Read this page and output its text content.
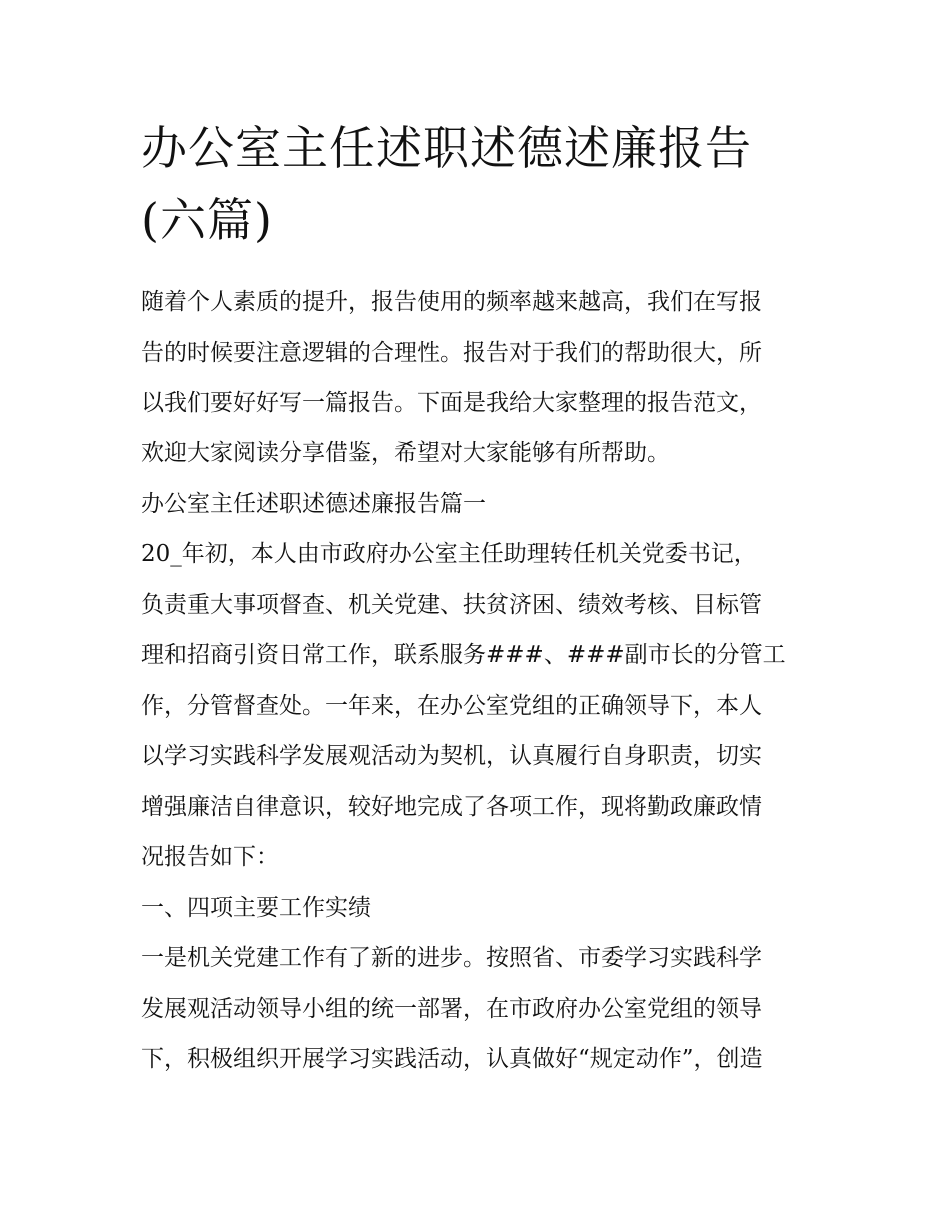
办公室主任述职述德述廉报告
(六篇)

随着个人素质的提升，报告使用的频率越来越高，我们在写报

告的时候要注意逻辑的合理性。报告对于我们的帮助很大，所

以我们要好好写一篇报告。下面是我给大家整理的报告范文，

欢迎大家阅读分享借鉴，希望对大家能够有所帮助。

办公室主任述职述德述廉报告篇一

20_年初，本人由市政府办公室主任助理转任机关党委书记，

负责重大事项督查、机关党建、扶贫济困、绩效考核、目标管

理和招商引资日常工作，联系服务###、###副市长的分管工

作，分管督查处。一年来，在办公室党组的正确领导下，本人

以学习实践科学发展观活动为契机，认真履行自身职责，切实

增强廉洁自律意识，较好地完成了各项工作，现将勤政廉政情

况报告如下：

一、四项主要工作实绩

一是机关党建工作有了新的进步。按照省、市委学习实践科学

发展观活动领导小组的统一部署，在市政府办公室党组的领导

下，积极组织开展学习实践活动，认真做好“规定动作”，创造
